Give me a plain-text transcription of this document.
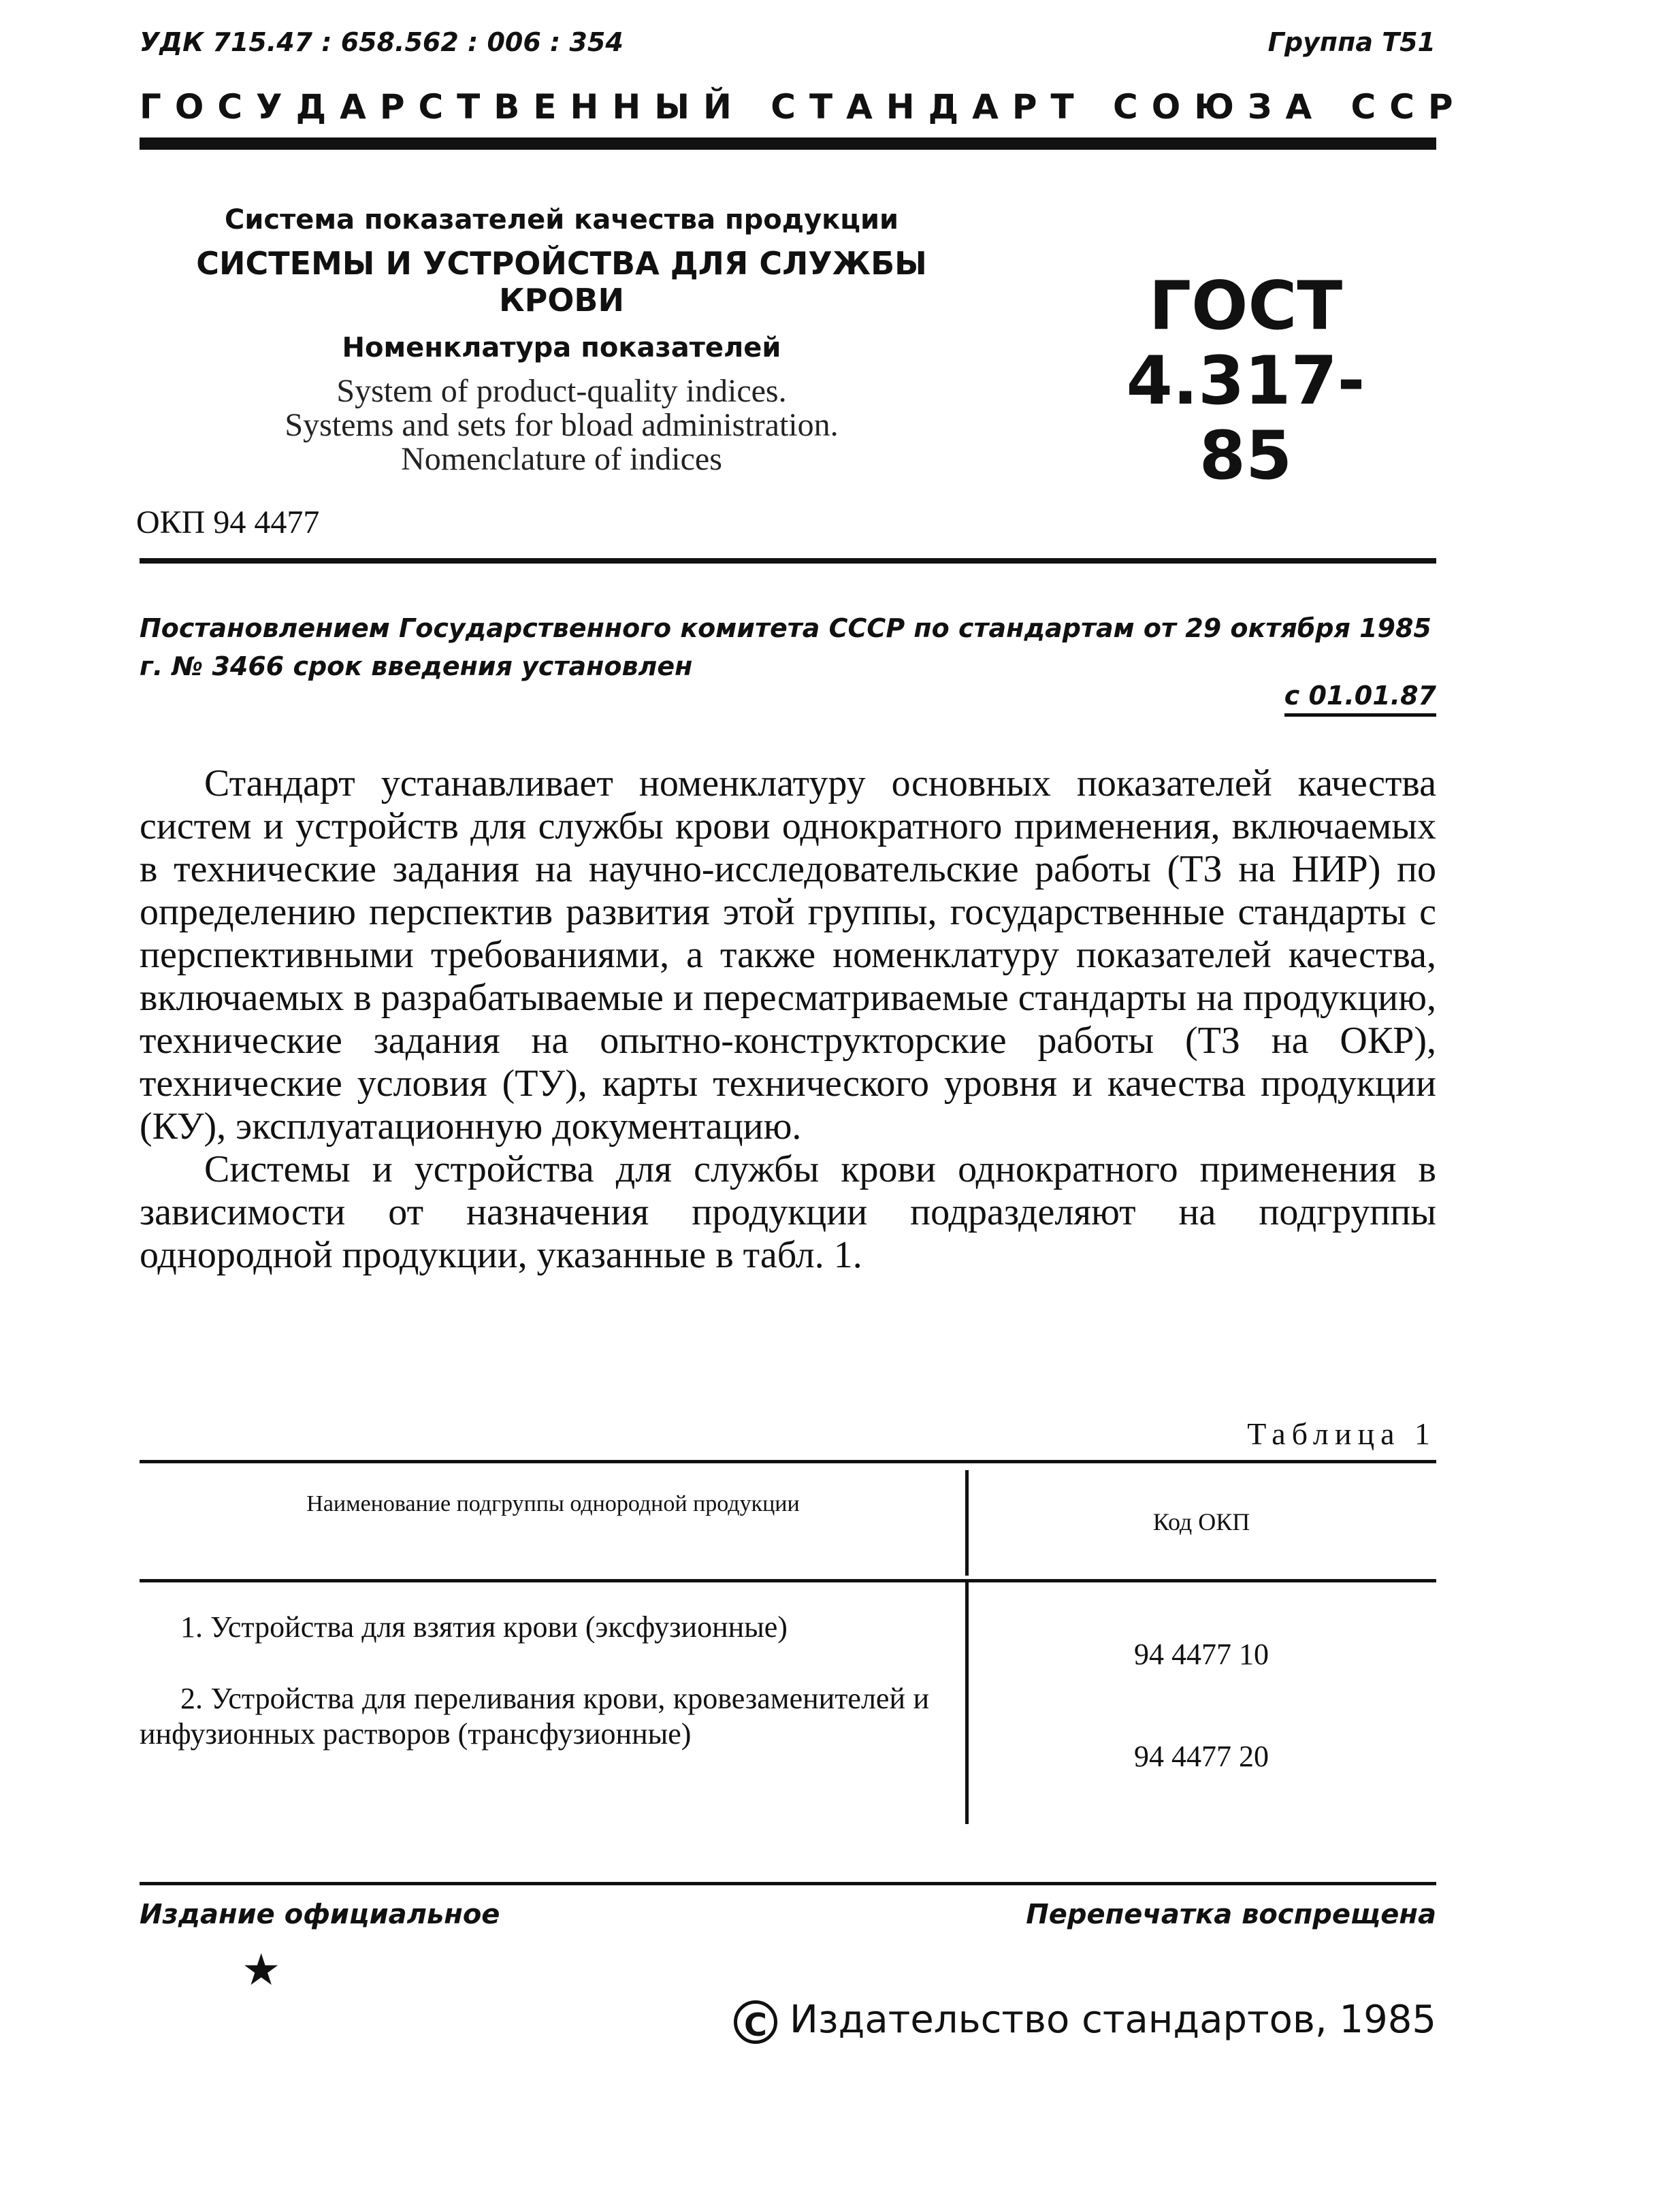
УДК 715.47 : 658.562 : 006 : 354	Группа Т51
ГОСУДАРСТВЕННЫЙ СТАНДАРТ СОЮЗА ССР
Система показателей качества продукции
СИСТЕМЫ И УСТРОЙСТВА ДЛЯ СЛУЖБЫ КРОВИ
Номенклатура показателей
System of product-quality indices.
Systems and sets for bload administration.
Nomenclature of indices
ГОСТ
4.317-85
ОКП 94 4477
Постановлением Государственного комитета СССР по стандартам от 29 октября 1985 г. № 3466 срок введения установлен
с 01.01.87

Стандарт устанавливает номенклатуру основных показателей качества систем и устройств для службы крови однократного применения, включаемых в технические задания на научно-исследовательские работы (ТЗ на НИР) по определению перспектив развития этой группы, государственные стандарты с перспективными требованиями, а также номенклатуру показателей качества, включаемых в разрабатываемые и пересматриваемые стандарты на продукцию, технические задания на опытно-конструкторские работы (ТЗ на ОКР), технические условия (ТУ), карты технического уровня и качества продукции (КУ), эксплуатационную документацию.

Системы и устройства для службы крови однократного применения в зависимости от назначения продукции подразделяют на подгруппы однородной продукции, указанные в табл. 1.

Таблица 1
Наименование подгруппы однородной продукции
Код ОКП
1. Устройства для взятия крови (эксфузионные)
94 4477 10
2. Устройства для переливания крови, кровезаменителей и инфузионных растворов (трансфузионные)
94 4477 20
Издание официальное	Перепечатка воспрещена
★
C Издательство стандартов, 1985
